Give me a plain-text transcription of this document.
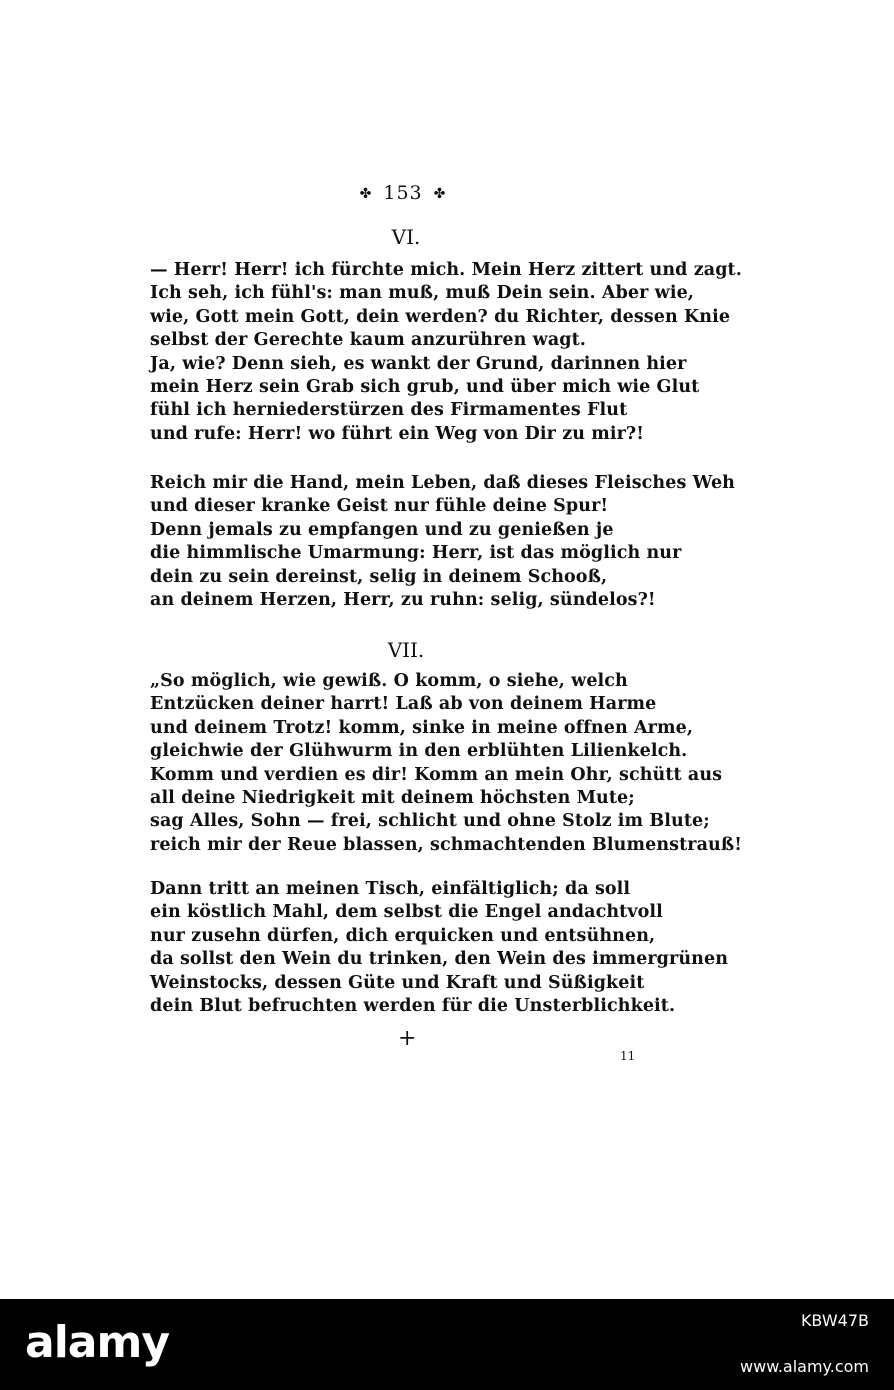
✤ 153 ✤
VI.
— Herr! Herr! ich fürchte mich. Mein Herz zittert und zagt.
Ich seh, ich fühl's: man muß, muß Dein sein. Aber wie,
wie, Gott mein Gott, dein werden? du Richter, dessen Knie
selbst der Gerechte kaum anzurühren wagt.
Ja, wie? Denn sieh, es wankt der Grund, darinnen hier
mein Herz sein Grab sich grub, und über mich wie Glut
fühl ich herniederstürzen des Firmamentes Flut
und rufe: Herr! wo führt ein Weg von Dir zu mir?!
Reich mir die Hand, mein Leben, daß dieses Fleisches Weh
und dieser kranke Geist nur fühle deine Spur!
Denn jemals zu empfangen und zu genießen je
die himmlische Umarmung: Herr, ist das möglich nur
dein zu sein dereinst, selig in deinem Schooß,
an deinem Herzen, Herr, zu ruhn: selig, sündelos?!
VII.
„So möglich, wie gewiß. O komm, o siehe, welch
Entzücken deiner harrt! Laß ab von deinem Harme
und deinem Trotz! komm, sinke in meine offnen Arme,
gleichwie der Glühwurm in den erblühten Lilienkelch.
Komm und verdien es dir! Komm an mein Ohr, schütt aus
all deine Niedrigkeit mit deinem höchsten Mute;
sag Alles, Sohn — frei, schlicht und ohne Stolz im Blute;
reich mir der Reue blassen, schmachtenden Blumenstrauß!
Dann tritt an meinen Tisch, einfältiglich; da soll
ein köstlich Mahl, dem selbst die Engel andachtvoll
nur zusehn dürfen, dich erquicken und entsühnen,
da sollst den Wein du trinken, den Wein des immergrünen
Weinstocks, dessen Güte und Kraft und Süßigkeit
dein Blut befruchten werden für die Unsterblichkeit.
+
11
alamy	KBW47B
www.alamy.com
